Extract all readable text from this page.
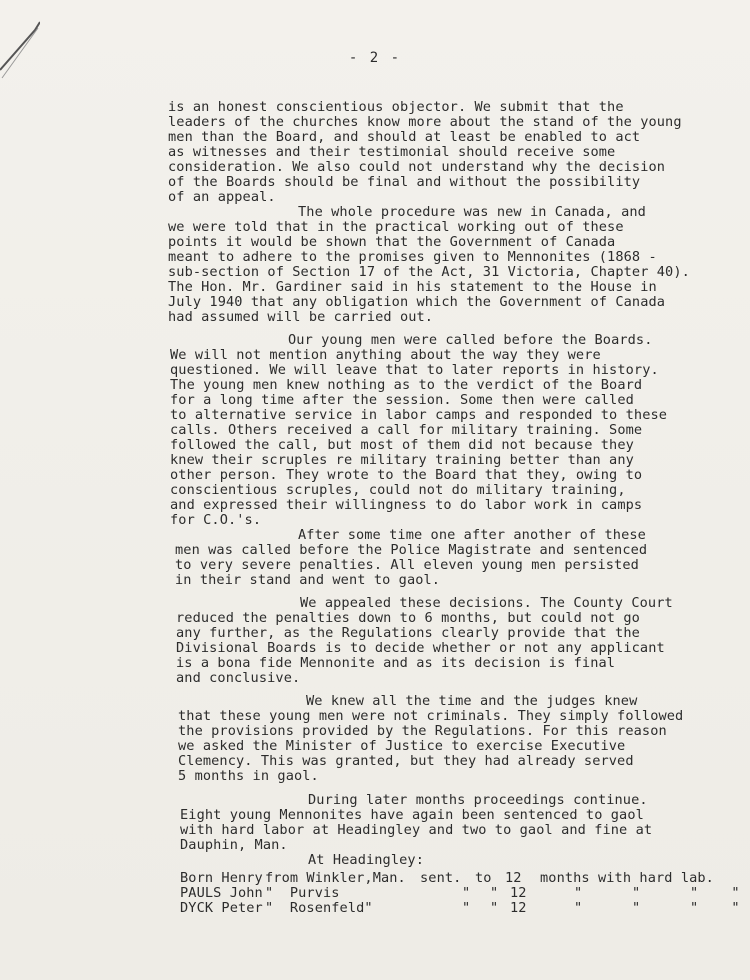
- 2 -
is an honest conscientious objector. We submit that the
leaders of the churches know more about the stand of the young
men than the Board, and should at least be enabled to act
as witnesses and their testimonial should receive some
consideration. We also could not understand why the decision
of the Boards should be final and without the possibility
of an appeal.
The whole procedure was new in Canada, and
we were told that in the practical working out of these
points it would be shown that the Government of Canada
meant to adhere to the promises given to Mennonites (1868 -
sub-section of Section 17 of the Act, 31 Victoria, Chapter 40).
The Hon. Mr. Gardiner said in his statement to the House in
July 1940 that any obligation which the Government of Canada
had assumed will be carried out.
Our young men were called before the Boards.
We will not mention anything about the way they were
questioned. We will leave that to later reports in history.
The young men knew nothing as to the verdict of the Board
for a long time after the session. Some then were called
to alternative service in labor camps and responded to these
calls. Others received a call for military training. Some
followed the call, but most of them did not because they
knew their scruples re military training better than any
other person. They wrote to the Board that they, owing to
conscientious scruples, could not do military training,
and expressed their willingness to do labor work in camps
for C.O.'s.
After some time one after another of these
men was called before the Police Magistrate and sentenced
to very severe penalties. All eleven young men persisted
in their stand and went to gaol.
We appealed these decisions. The County Court
reduced the penalties down to 6 months, but could not go
any further, as the Regulations clearly provide that the
Divisional Boards is to decide whether or not any applicant
is a bona fide Mennonite and as its decision is final
and conclusive.
We knew all the time and the judges knew
that these young men were not criminals. They simply followed
the provisions provided by the Regulations. For this reason
we asked the Minister of Justice to exercise Executive
Clemency. This was granted, but they had already served
5 months in gaol.
During later months proceedings continue.
Eight young Mennonites have again been sentenced to gaol
with hard labor at Headingley and two to gaol and fine at
Dauphin, Man.
At Headingley:
Born Henry from Winkler,Man. sent. to 12 months with hard lab.
PAULS John "  Purvis	" " 12	"      "      "    "
DYCK Peter "  Rosenfeld"	" " 12	"      "      "    "
